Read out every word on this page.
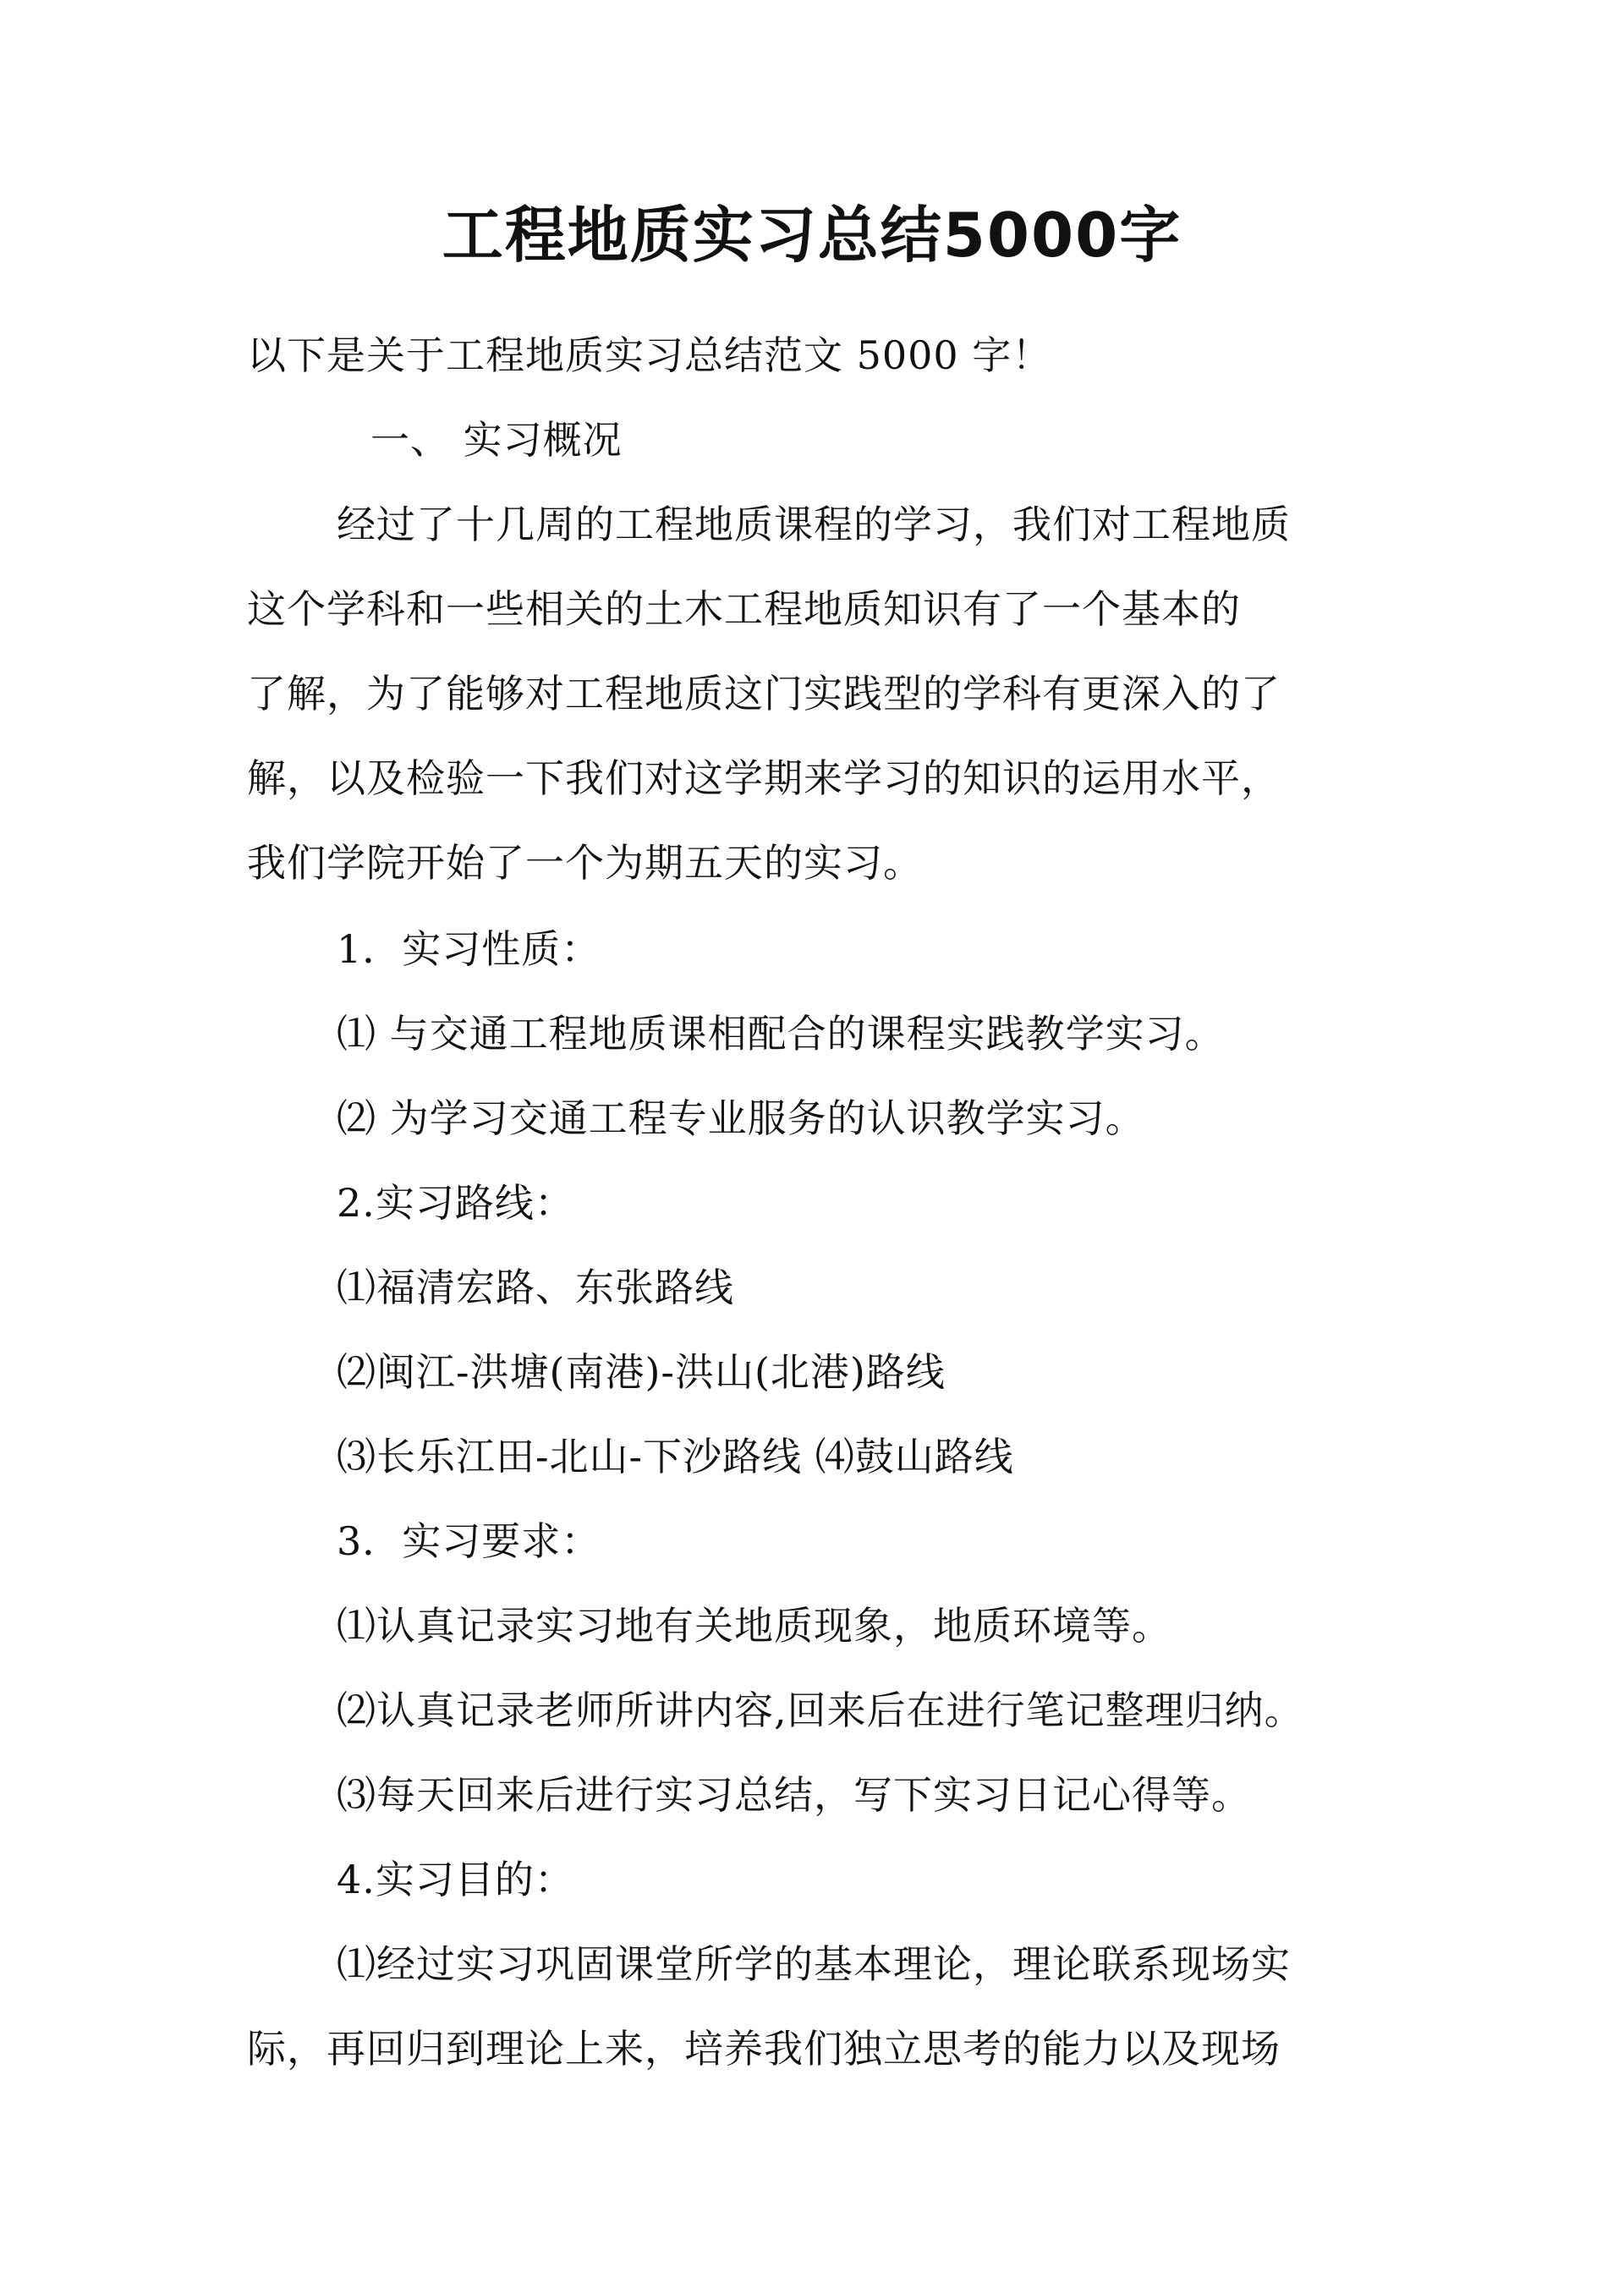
工程地质实习总结5000字
以下是关于工程地质实习总结范文 5000 字！
一、 实习概况
经过了十几周的工程地质课程的学习，我们对工程地质
这个学科和一些相关的土木工程地质知识有了一个基本的
了解，为了能够对工程地质这门实践型的学科有更深入的了
解，以及检验一下我们对这学期来学习的知识的运用水平，
我们学院开始了一个为期五天的实习。
1．实习性质：
⑴ 与交通工程地质课相配合的课程实践教学实习。
⑵ 为学习交通工程专业服务的认识教学实习。
2.实习路线：
⑴福清宏路、东张路线
⑵闽江-洪塘(南港)-洪山(北港)路线
⑶长乐江田-北山-下沙路线 ⑷鼓山路线
3．实习要求：
⑴认真记录实习地有关地质现象，地质环境等。
⑵认真记录老师所讲内容,回来后在进行笔记整理归纳。
⑶每天回来后进行实习总结，写下实习日记心得等。
4.实习目的：
⑴经过实习巩固课堂所学的基本理论，理论联系现场实
际，再回归到理论上来，培养我们独立思考的能力以及现场
